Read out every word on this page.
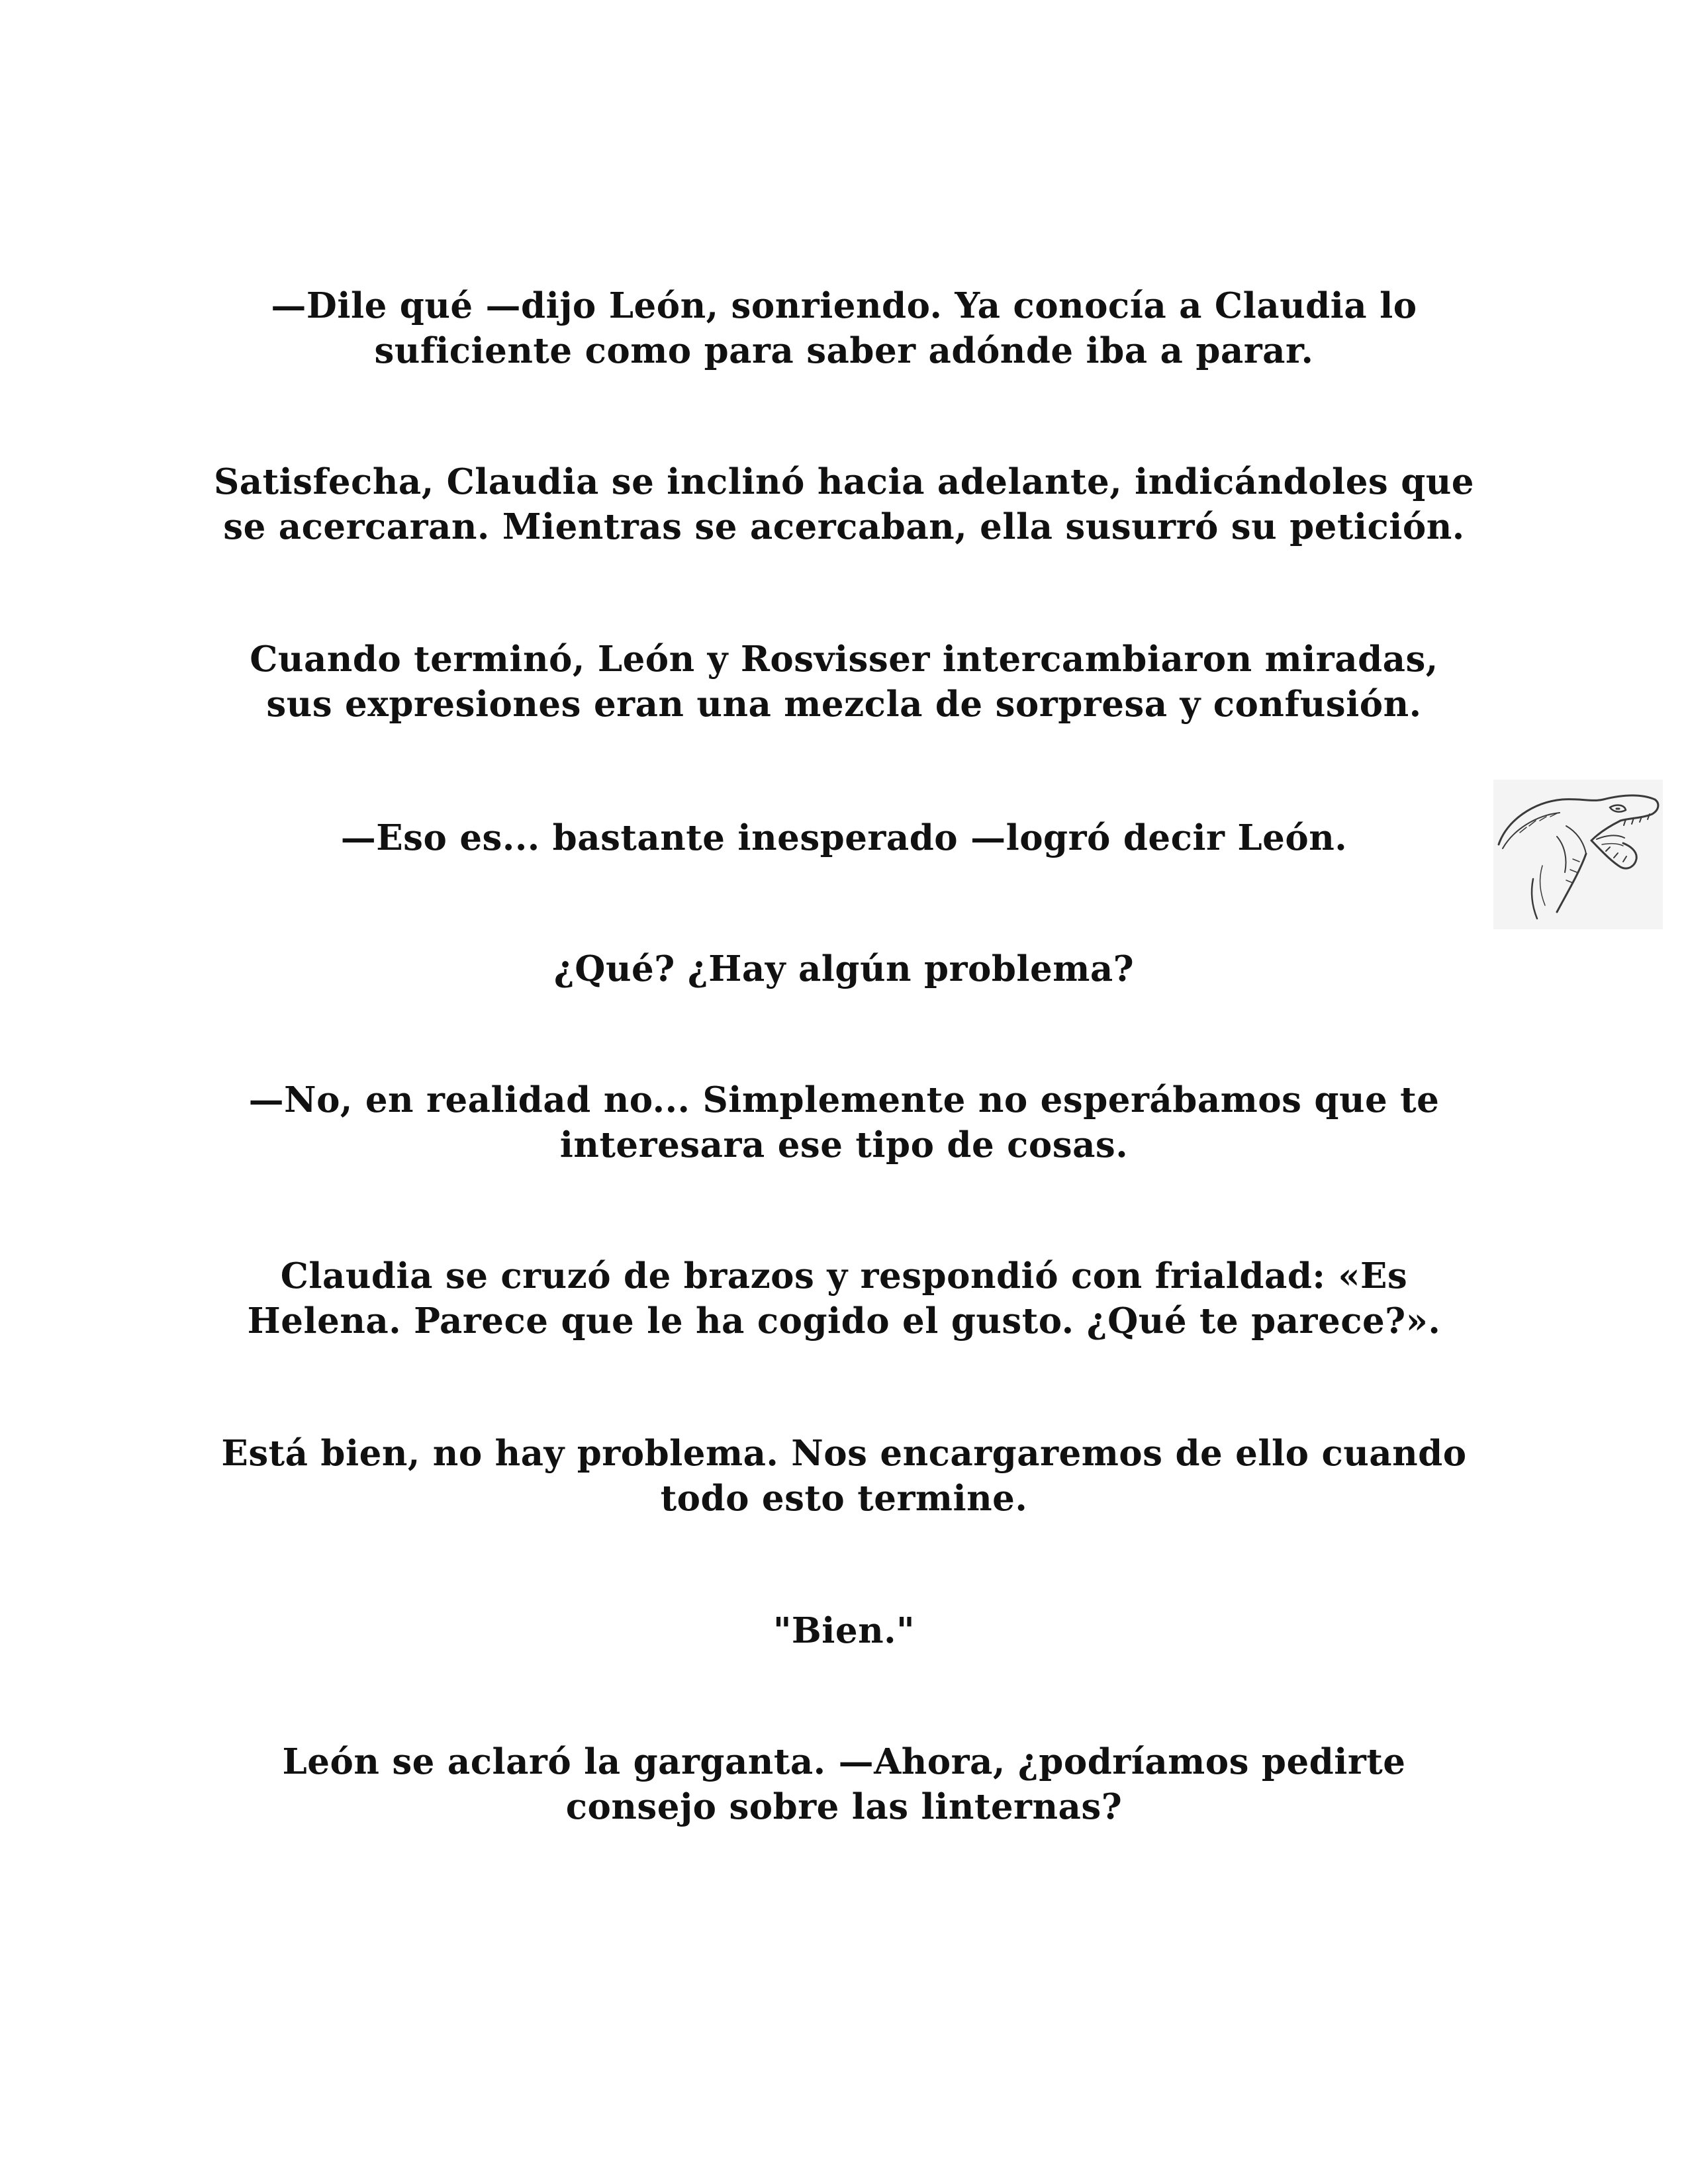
—Dile qué —dijo León, sonriendo. Ya conocía a Claudia lo
suficiente como para saber adónde iba a parar.
Satisfecha, Claudia se inclinó hacia adelante, indicándoles que
se acercaran. Mientras se acercaban, ella susurró su petición.
Cuando terminó, León y Rosvisser intercambiaron miradas,
sus expresiones eran una mezcla de sorpresa y confusión.
—Eso es... bastante inesperado —logró decir León.
¿Qué? ¿Hay algún problema?
—No, en realidad no... Simplemente no esperábamos que te
interesara ese tipo de cosas.
Claudia se cruzó de brazos y respondió con frialdad: «Es
Helena. Parece que le ha cogido el gusto. ¿Qué te parece?».
Está bien, no hay problema. Nos encargaremos de ello cuando
todo esto termine.
"Bien."
León se aclaró la garganta. —Ahora, ¿podríamos pedirte
consejo sobre las linternas?
